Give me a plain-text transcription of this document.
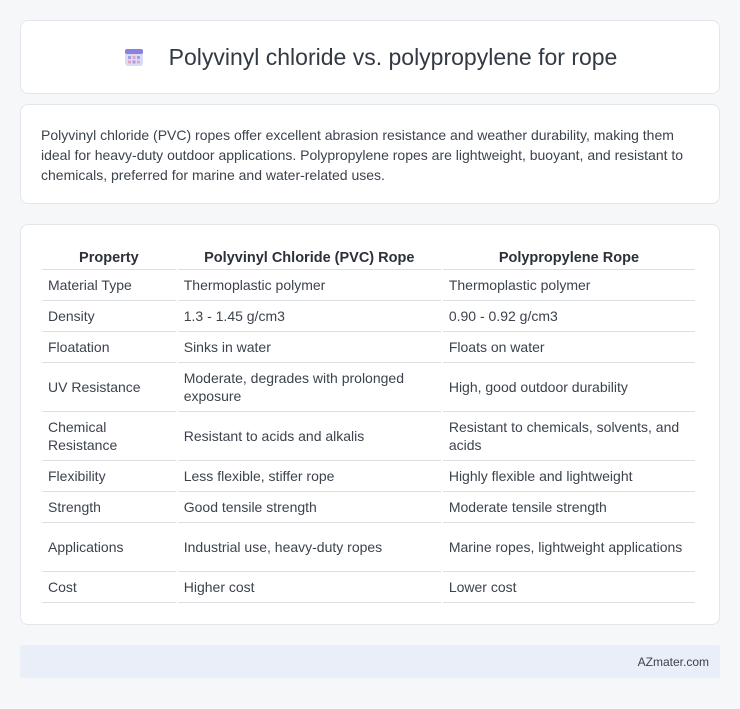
Polyvinyl chloride vs. polypropylene for rope

Polyvinyl chloride (PVC) ropes offer excellent abrasion resistance and weather durability, making them ideal for heavy-duty outdoor applications. Polypropylene ropes are lightweight, buoyant, and resistant to chemicals, preferred for marine and water-related uses.

Property	Polyvinyl Chloride (PVC) Rope	Polypropylene Rope
Material Type	Thermoplastic polymer	Thermoplastic polymer
Density	1.3 - 1.45 g/cm3	0.90 - 0.92 g/cm3
Floatation	Sinks in water	Floats on water
UV Resistance	Moderate, degrades with prolonged exposure	High, good outdoor durability
Chemical Resistance	Resistant to acids and alkalis	Resistant to chemicals, solvents, and acids
Flexibility	Less flexible, stiffer rope	Highly flexible and lightweight
Strength	Good tensile strength	Moderate tensile strength
Applications	Industrial use, heavy-duty ropes	Marine ropes, lightweight applications
Cost	Higher cost	Lower cost
AZmater.com
